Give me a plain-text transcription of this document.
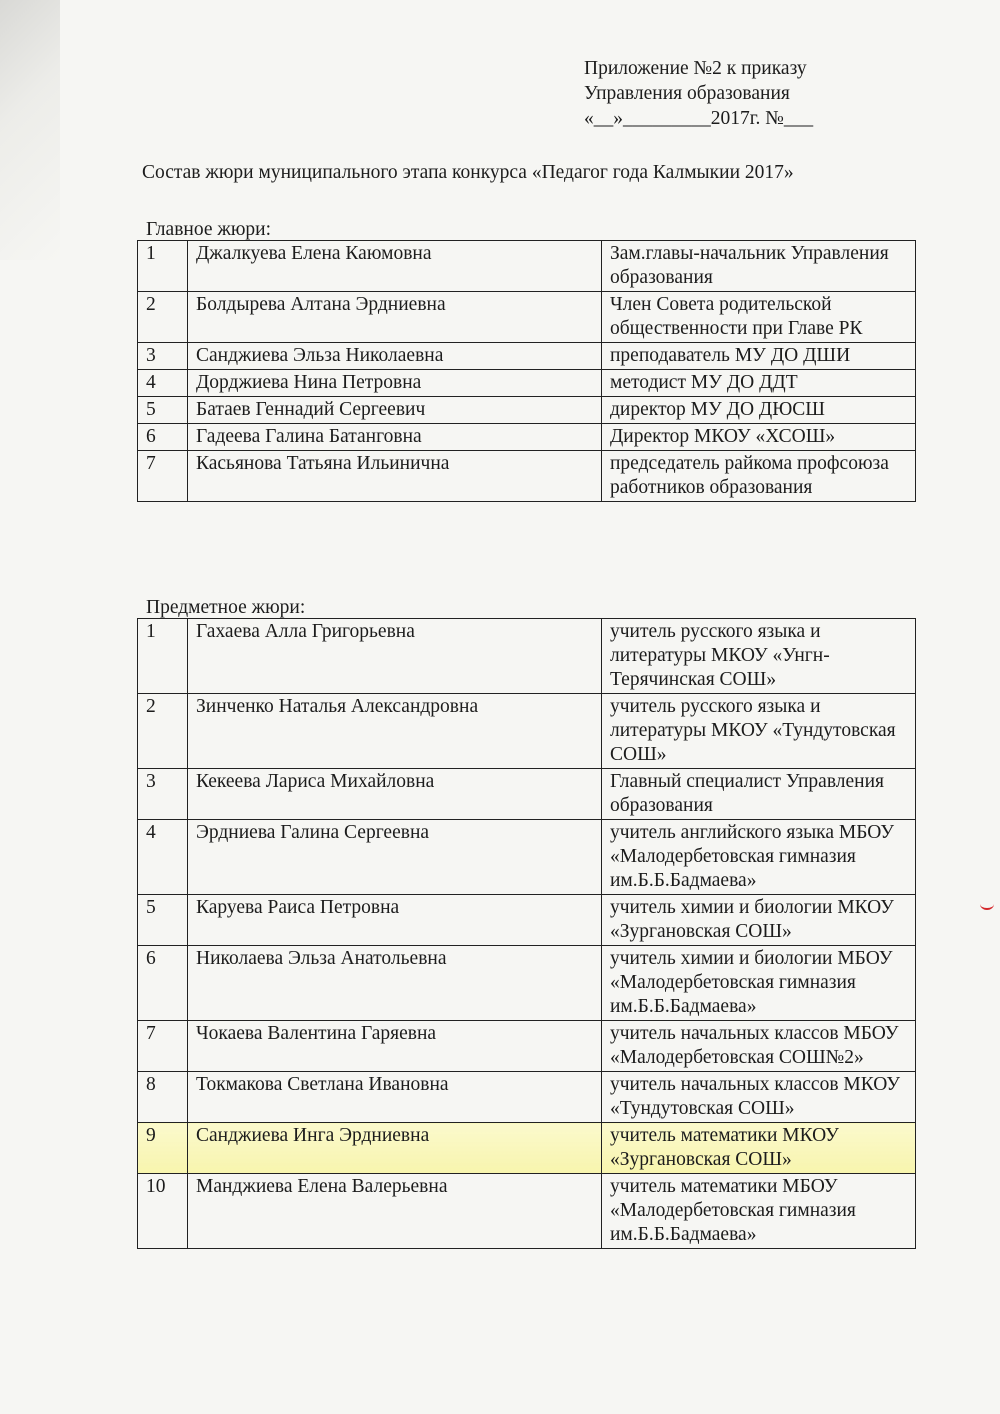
Приложение №2 к приказу
Управления образования
«__»_________2017г. №___
Состав жюри муниципального этапа конкурса «Педагог года Калмыкии 2017»
Главное жюри:
1	Джалкуева Елена Каюмовна	Зам.главы-начальник Управления образования
2	Болдырева Алтана Эрдниевна	Член Совета родительской общественности при Главе РК
3	Санджиева Эльза Николаевна	преподаватель МУ ДО ДШИ
4	Дорджиева Нина Петровна	методист МУ ДО ДДТ
5	Батаев Геннадий Сергеевич	директор МУ ДО ДЮСШ
6	Гадеева Галина Батанговна	Директор МКОУ «ХСОШ»
7	Касьянова Татьяна Ильинична	председатель райкома профсоюза работников образования
Предметное жюри:
1	Гахаева Алла Григорьевна	учитель русского языка и литературы МКОУ «Унгн-Терячинская СОШ»
2	Зинченко Наталья Александровна	учитель русского языка и литературы МКОУ «Тундутовская СОШ»
3	Кекеева Лариса Михайловна	Главный специалист Управления образования
4	Эрдниева Галина Сергеевна	учитель английского языка МБОУ «Малодербетовская гимназия им.Б.Б.Бадмаева»
5	Каруева Раиса Петровна	учитель химии и биологии МКОУ «Зургановская СОШ»
6	Николаева Эльза Анатольевна	учитель химии и биологии МБОУ «Малодербетовская гимназия им.Б.Б.Бадмаева»
7	Чокаева Валентина Гаряевна	учитель начальных классов МБОУ «Малодербетовская СОШ№2»
8	Токмакова Светлана Ивановна	учитель начальных классов МКОУ «Тундутовская СОШ»
9	Санджиева Инга Эрдниевна	учитель математики МКОУ «Зургановская СОШ»
10	Манджиева Елена Валерьевна	учитель математики МБОУ «Малодербетовская гимназия им.Б.Б.Бадмаева»
